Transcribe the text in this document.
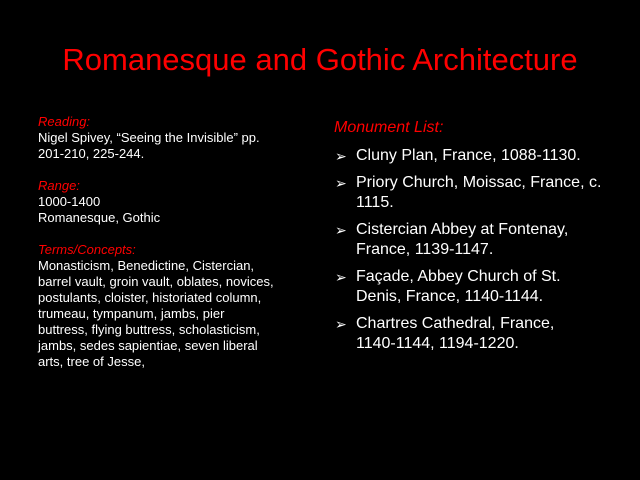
Romanesque and Gothic Architecture
Reading:
Nigel Spivey, “Seeing the Invisible” pp.
201-210, 225-244.
Range:
1000-1400
Romanesque, Gothic
Terms/Concepts:
Monasticism, Benedictine, Cistercian,
barrel vault, groin vault, oblates, novices,
postulants, cloister, historiated column,
trumeau, tympanum, jambs, pier
buttress, flying buttress, scholasticism,
jambs, sedes sapientiae, seven liberal
arts, tree of Jesse,
Monument List:
➢ Cluny Plan, France, 1088-1130.
➢ Priory Church, Moissac, France, c.
1115.
➢ Cistercian Abbey at Fontenay,
France, 1139-1147.
➢ Façade, Abbey Church of St.
Denis, France, 1140-1144.
➢ Chartres Cathedral, France,
1140-1144, 1194-1220.
